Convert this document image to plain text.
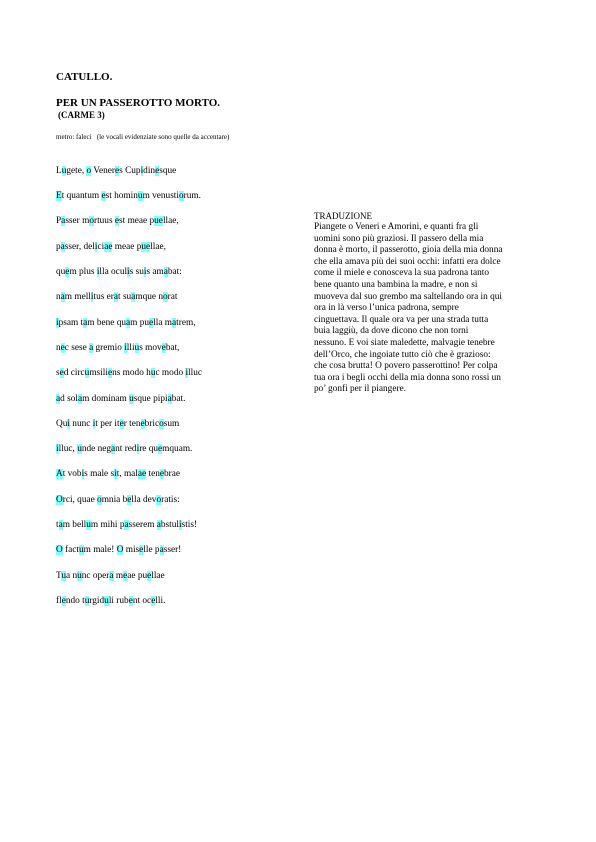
CATULLO.
PER UN PASSEROTTO MORTO.
(CARME 3)
metro: faleci   (le vocali evidenziate sono quelle da accentare)
Lugete, o Veneres Cupidinesque
Et quantum est hominum venustiorum.
Passer mortuus est meae puellae,
passer, deliciae meae puellae,
quem plus illa oculis suis amabat:
nam mellitus erat suamque norat
ipsam tam bene quam puella matrem,
nec sese a gremio illius movebat,
sed circumsiliens modo huc modo illuc
ad solam dominam usque pipiabat.
Qui nunc it per iter tenebricosum
illuc, unde negant redire quemquam.
At vobis male sit, malae tenebrae
Orci, quae omnia bella devoratis:
tam bellum mihi passerem abstulistis!
O factum male! O miselle passer!
Tua nunc opera meae puellae
flendo turgiduli rubent ocelli.
TRADUZIONE
Piangete o Veneri e Amorini, e quanti fra gli
uomini sono più graziosi. Il passero della mia
donna è morto, il passerotto, gioia della mia donna
che ella amava più dei suoi occhi: infatti era dolce
come il miele e conosceva la sua padrona tanto
bene quanto una bambina la madre, e non si
muoveva dal suo grembo ma saltellando ora in qui
ora in là verso l’unica padrona, sempre
cinguettava. Il quale ora va per una strada tutta
buia laggiù, da dove dicono che non torni
nessuno. E voi siate maledette, malvagie tenebre
dell’Orco, che ingoiate tutto ciò che è grazioso:
che cosa brutta! O povero passerottino! Per colpa
tua ora i begli occhi della mia donna sono rossi un
po’ gonfi per il piangere.
